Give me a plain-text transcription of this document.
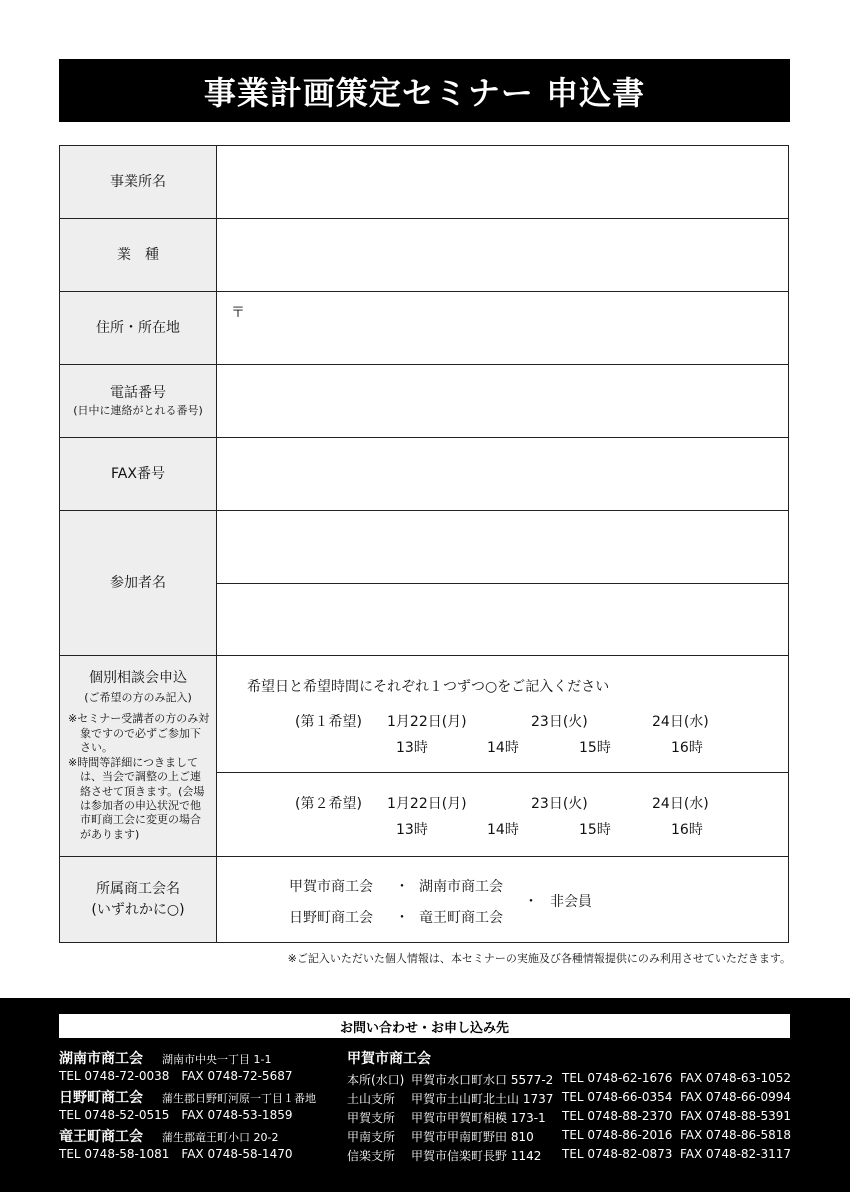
事業計画策定セミナー 申込書
事業所名
業　種
住所・所在地
〒
電話番号
(日中に連絡がとれる番号)
FAX番号
参加者名
個別相談会申込
(ご希望の方のみ記入)
※セミナー受講者の方のみ対象ですので必ずご参加下さい。
※時間等詳細につきましては、当会で調整の上ご連絡させて頂きます。(会場は参加者の申込状況で他市町商工会に変更の場合があります)
希望日と希望時間にそれぞれ１つずつ○をご記入ください
(第１希望) 1月22日(月)	23日(火)	24日(水)
13時	14時	15時	16時
(第２希望) 1月22日(月)	23日(火)	24日(水)
13時	14時	15時	16時
所属商工会名
(いずれかに○)
甲賀市商工会 ・ 湖南市商工会
日野町商工会 ・ 竜王町商工会
・ 非会員
※ご記入いただいた個人情報は、本セミナーの実施及び各種情報提供にのみ利用させていただきます。
お問い合わせ・お申し込み先
湖南市商工会 湖南市中央一丁目 1-1
TEL 0748-72-0038　FAX 0748-72-5687
日野町商工会 蒲生郡日野町河原一丁目１番地
TEL 0748-52-0515　FAX 0748-53-1859
竜王町商工会 蒲生郡竜王町小口 20-2
TEL 0748-58-1081　FAX 0748-58-1470
甲賀市商工会
本所(水口) 甲賀市水口町水口 5577-2 TEL 0748-62-1676 FAX 0748-63-1052
土山支所 甲賀市土山町北土山 1737 TEL 0748-66-0354 FAX 0748-66-0994
甲賀支所 甲賀市甲賀町相模 173-1 TEL 0748-88-2370 FAX 0748-88-5391
甲南支所 甲賀市甲南町野田 810 TEL 0748-86-2016 FAX 0748-86-5818
信楽支所 甲賀市信楽町長野 1142 TEL 0748-82-0873 FAX 0748-82-3117
